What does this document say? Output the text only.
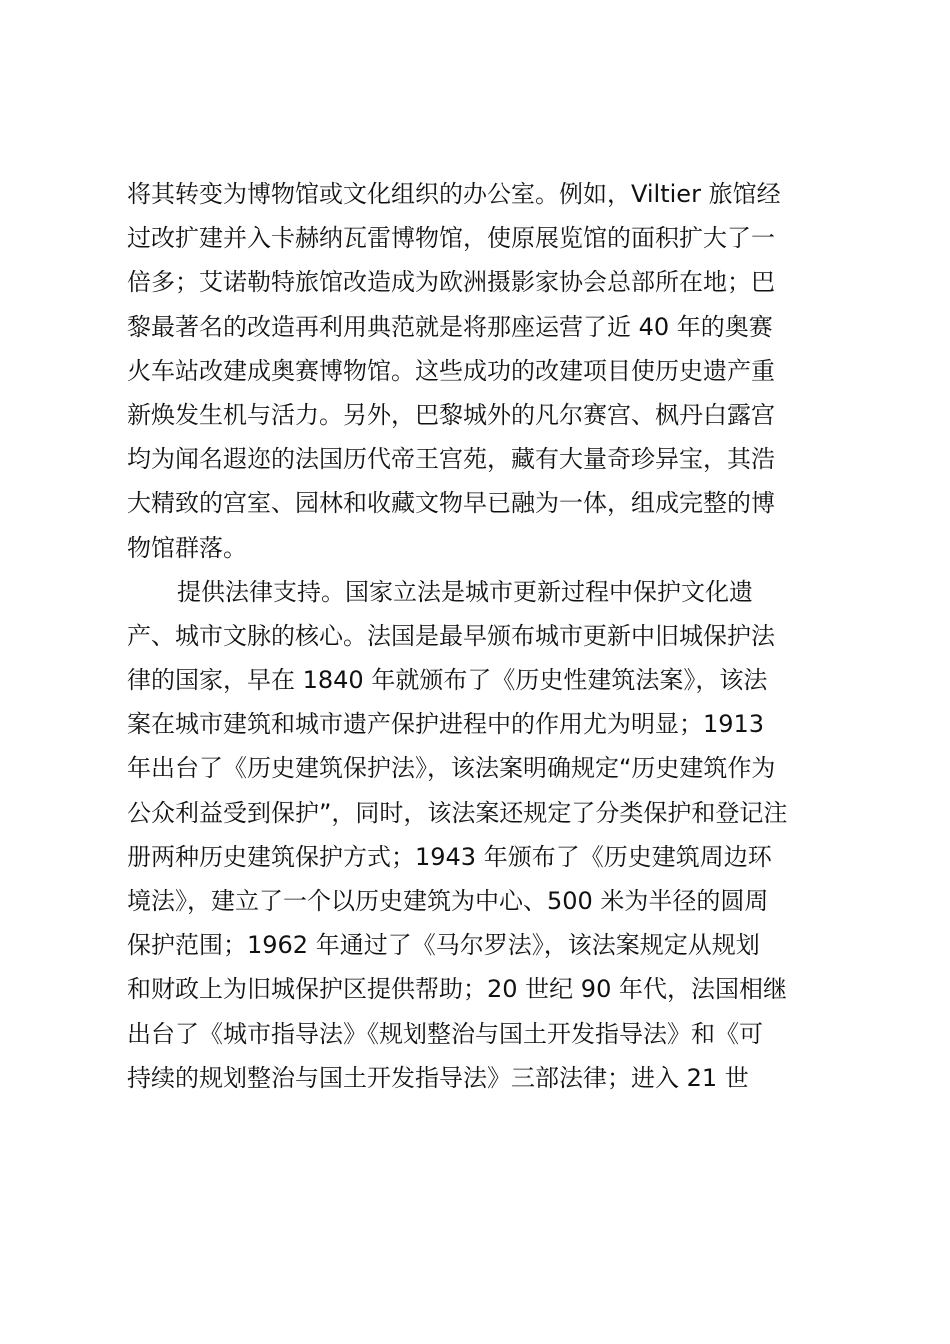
将其转变为博物馆或文化组织的办公室。例如，Viltier 旅馆经
过改扩建并入卡赫纳瓦雷博物馆，使原展览馆的面积扩大了一
倍多；艾诺勒特旅馆改造成为欧洲摄影家协会总部所在地；巴
黎最著名的改造再利用典范就是将那座运营了近 40 年的奥赛
火车站改建成奥赛博物馆。这些成功的改建项目使历史遗产重
新焕发生机与活力。另外，巴黎城外的凡尔赛宫、枫丹白露宫
均为闻名遐迩的法国历代帝王宫苑，藏有大量奇珍异宝，其浩
大精致的宫室、园林和收藏文物早已融为一体，组成完整的博
物馆群落。
提供法律支持。国家立法是城市更新过程中保护文化遗
产、城市文脉的核心。法国是最早颁布城市更新中旧城保护法
律的国家，早在 1840 年就颁布了《历史性建筑法案》，该法
案在城市建筑和城市遗产保护进程中的作用尤为明显；1913
年出台了《历史建筑保护法》，该法案明确规定“历史建筑作为
公众利益受到保护”，同时，该法案还规定了分类保护和登记注
册两种历史建筑保护方式；1943 年颁布了《历史建筑周边环
境法》，建立了一个以历史建筑为中心、500 米为半径的圆周
保护范围；1962 年通过了《马尔罗法》，该法案规定从规划
和财政上为旧城保护区提供帮助；20 世纪 90 年代，法国相继
出台了《城市指导法》《规划整治与国土开发指导法》和《可
持续的规划整治与国土开发指导法》三部法律；进入 21 世
